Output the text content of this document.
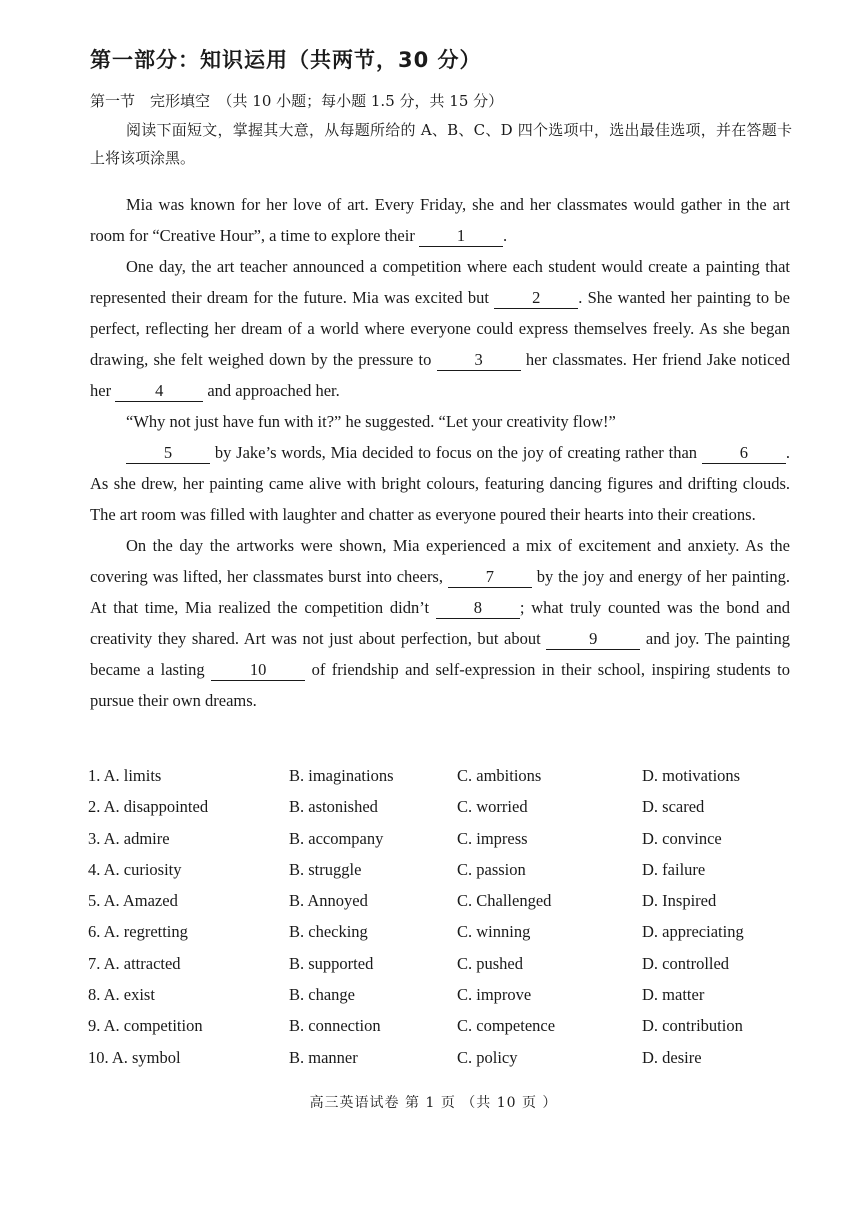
第一部分：知识运用（共两节，30 分）
第一节　完形填空　（共 10 小题；每小题 1.5 分，共 15 分）
阅读下面短文，掌握其大意，从每题所给的 A、B、C、D 四个选项中，选出最佳选项，并在答题卡上将该项涂黑。

Mia was known for her love of art. Every Friday, she and her classmates would gather in the art room for “Creative Hour”, a time to explore their 1 .

One day, the art teacher announced a competition where each student would create a painting that represented their dream for the future. Mia was excited but 2 . She wanted her painting to be perfect, reflecting her dream of a world where everyone could express themselves freely. As she began drawing, she felt weighed down by the pressure to 3 her classmates. Her friend Jake noticed her 4 and approached her.

“Why not just have fun with it?” he suggested. “Let your creativity flow!”

5 by Jake’s words, Mia decided to focus on the joy of creating rather than 6 . As she drew, her painting came alive with bright colours, featuring dancing figures and drifting clouds. The art room was filled with laughter and chatter as everyone poured their hearts into their creations.

On the day the artworks were shown, Mia experienced a mix of excitement and anxiety. As the covering was lifted, her classmates burst into cheers, 7 by the joy and energy of her painting. At that time, Mia realized the competition didn’t 8 ; what truly counted was the bond and creativity they shared. Art was not just about perfection, but about	9	and joy. The painting became a lasting 10 of friendship and self-expression in their school, inspiring students to pursue their own dreams.

1. A. limits	B. imaginations	C. ambitions	D. motivations
2. A. disappointed	B. astonished	C. worried	D. scared
3. A. admire	B. accompany	C. impress	D. convince
4. A. curiosity	B. struggle	C. passion	D. failure
5. A. Amazed	B. Annoyed	C. Challenged	D. Inspired
6. A. regretting	B. checking	C. winning	D. appreciating
7. A. attracted	B. supported	C. pushed	D. controlled
8. A. exist	B. change	C. improve	D. matter
9. A. competition	B. connection	C. competence	D. contribution
10. A. symbol	B. manner	C. policy	D. desire
高三英语试卷 第 1 页 （共 10 页 ）
